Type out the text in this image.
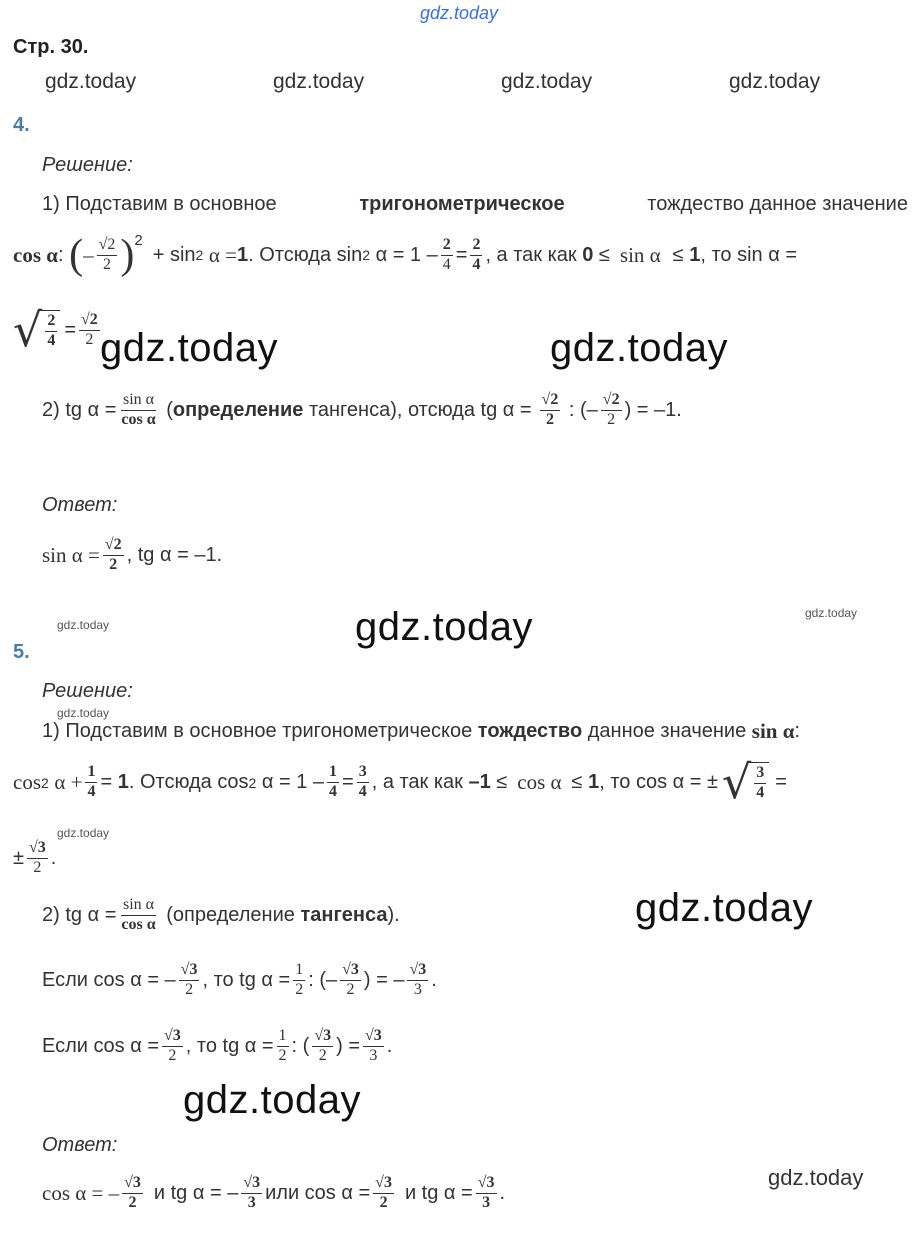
gdz.today
gdz.today	gdz.today	gdz.today	gdz.today
gdz.today	gdz.today
gdz.today
gdz.today
gdz.today
gdz.today
gdz.today
gdz.today
gdz.today
gdz.today
Стр. 30.
4.
Решение:
1) Подставим в основное	тригонометрическое	тождество данное значение
cos α : ( – $\frac{√2}{2}$ ) 2
+ sin 2
α = 1 . Отсюда sin 2
$\alpha = 1 - \frac{2}{4} = \frac{2}{4}$ , а так как
0
≤ sin α ≤
1 , то sin α =
√ $\frac{2}{4} = \frac{√2}{2}$
2) tg $\alpha = \frac{\text{sin α}}{\text{cos α}}$ ( определение
тангенса), отсюда tg $\alpha = \frac{√2}{2}$ : (– $\frac{√2}{2}$ ) = –1.
Ответ:
$\sin \alpha = \frac{√2}{2}$ , tg α = –1.
5.
Решение:
1) Подставим в основное тригонометрическое
тождество
данное значение
sin α :
cos 2
$\alpha + \frac{1}{4} = 1$ . Отсюда cos 2
$\alpha = 1 - \frac{1}{4} = \frac{3}{4}$ , а так как
–1
≤ cos α ≤
1 , то cos α = ± √ $\frac{3}{4}$ =
± $\frac{√3}{2}$ .
2) tg $\alpha = \frac{\text{sin α}}{\text{cos α}}$
(определение
тангенса ).
Если cos α = – $\frac{√3}{2}$ , то tg $\alpha = \frac{1}{2}$ : (– $\frac{√3}{2}$ ) = – $\frac{√3}{3}$ .
Если $\cos \alpha = \frac{√3}{2}$ , то tg $\alpha = \frac{1}{2}$ : ( $\frac{√3}{2}$ ) = $\frac{√3}{3}$ .
Ответ:
cos α = – $\frac{√3}{2}$ и tg α = – $\frac{√3}{3}$ или $\cos \alpha = \frac{√3}{2}$ и tg $\alpha = \frac{√3}{3}$ .
